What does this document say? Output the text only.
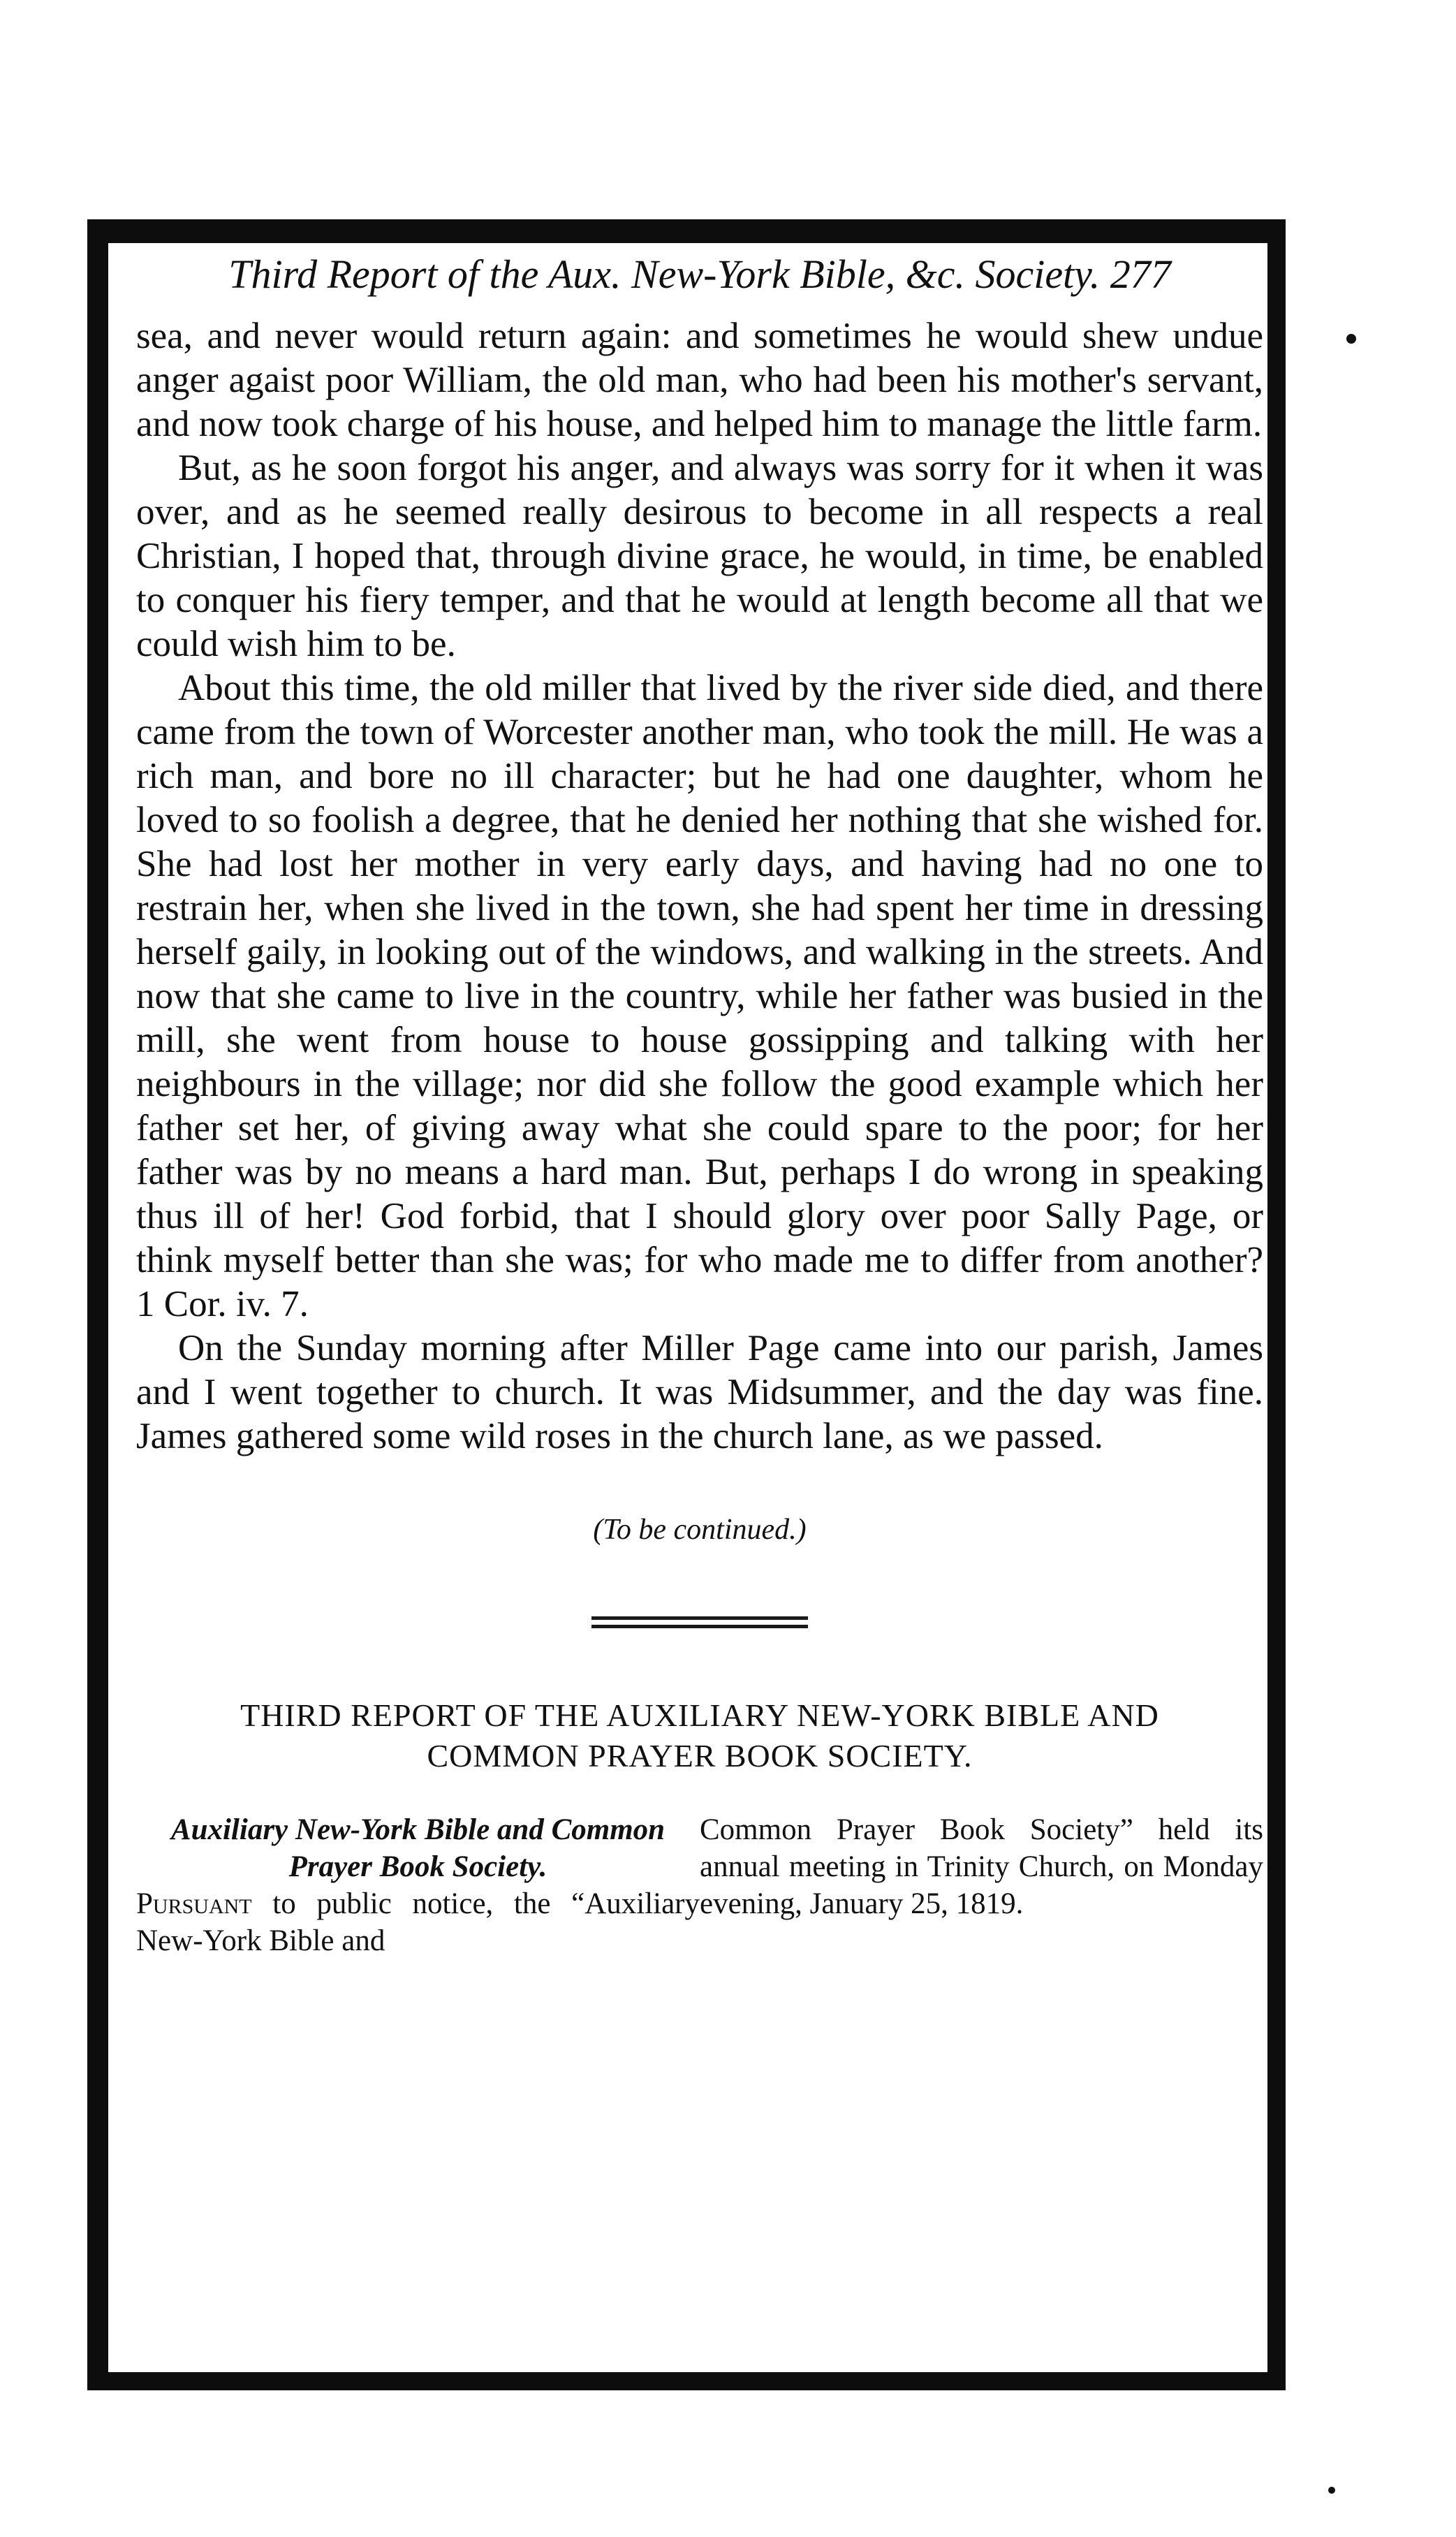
Third Report of the Aux. New-York Bible, &c. Society. 277

sea, and never would return again: and sometimes he would shew undue anger agaist poor William, the old man, who had been his mother's servant, and now took charge of his house, and helped him to manage the little farm.

But, as he soon forgot his anger, and always was sorry for it when it was over, and as he seemed really desirous to become in all respects a real Christian, I hoped that, through divine grace, he would, in time, be enabled to conquer his fiery temper, and that he would at length become all that we could wish him to be.

About this time, the old miller that lived by the river side died, and there came from the town of Worcester another man, who took the mill. He was a rich man, and bore no ill character; but he had one daughter, whom he loved to so foolish a degree, that he denied her nothing that she wished for. She had lost her mother in very early days, and having had no one to restrain her, when she lived in the town, she had spent her time in dressing herself gaily, in looking out of the windows, and walking in the streets. And now that she came to live in the country, while her father was busied in the mill, she went from house to house gossipping and talking with her neighbours in the village; nor did she follow the good example which her father set her, of giving away what she could spare to the poor; for her father was by no means a hard man. But, perhaps I do wrong in speaking thus ill of her! God forbid, that I should glory over poor Sally Page, or think myself better than she was; for who made me to differ from another? 1 Cor. iv. 7.

On the Sunday morning after Miller Page came into our parish, James and I went together to church. It was Midsummer, and the day was fine. James gathered some wild roses in the church lane, as we passed.

(To be continued.)
THIRD REPORT OF THE AUXILIARY NEW-YORK BIBLE AND
COMMON PRAYER BOOK SOCIETY.
Auxiliary New-York Bible and Common Prayer Book Society.
Pursuant to public notice, the “Auxiliary New-York Bible and
Common Prayer Book Society” held its annual meeting in Trinity Church, on Monday evening, January 25, 1819.
